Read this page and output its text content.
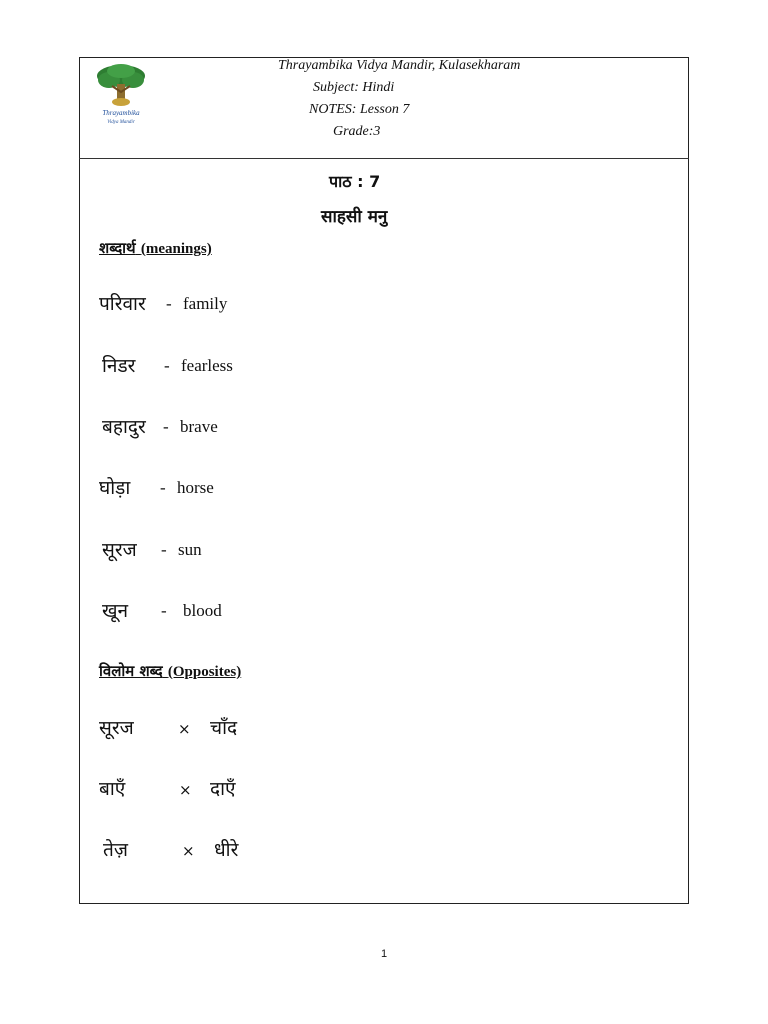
Thrayambika
Vidya Mandir
Thrayambika Vidya Mandir, Kulasekharam
Subject: Hindi
NOTES: Lesson 7
Grade:3
पाठ : 7
साहसी मनु
शब्दार्थ (meanings)
परिवार - family
निडर - fearless
बहादुर - brave
घोड़ा - horse
सूरज - sun
खून - blood
विलोम शब्द (Opposites)
सूरज	× चाँद
बाएँ	× दाएँ
तेज़	× धीरे
1
